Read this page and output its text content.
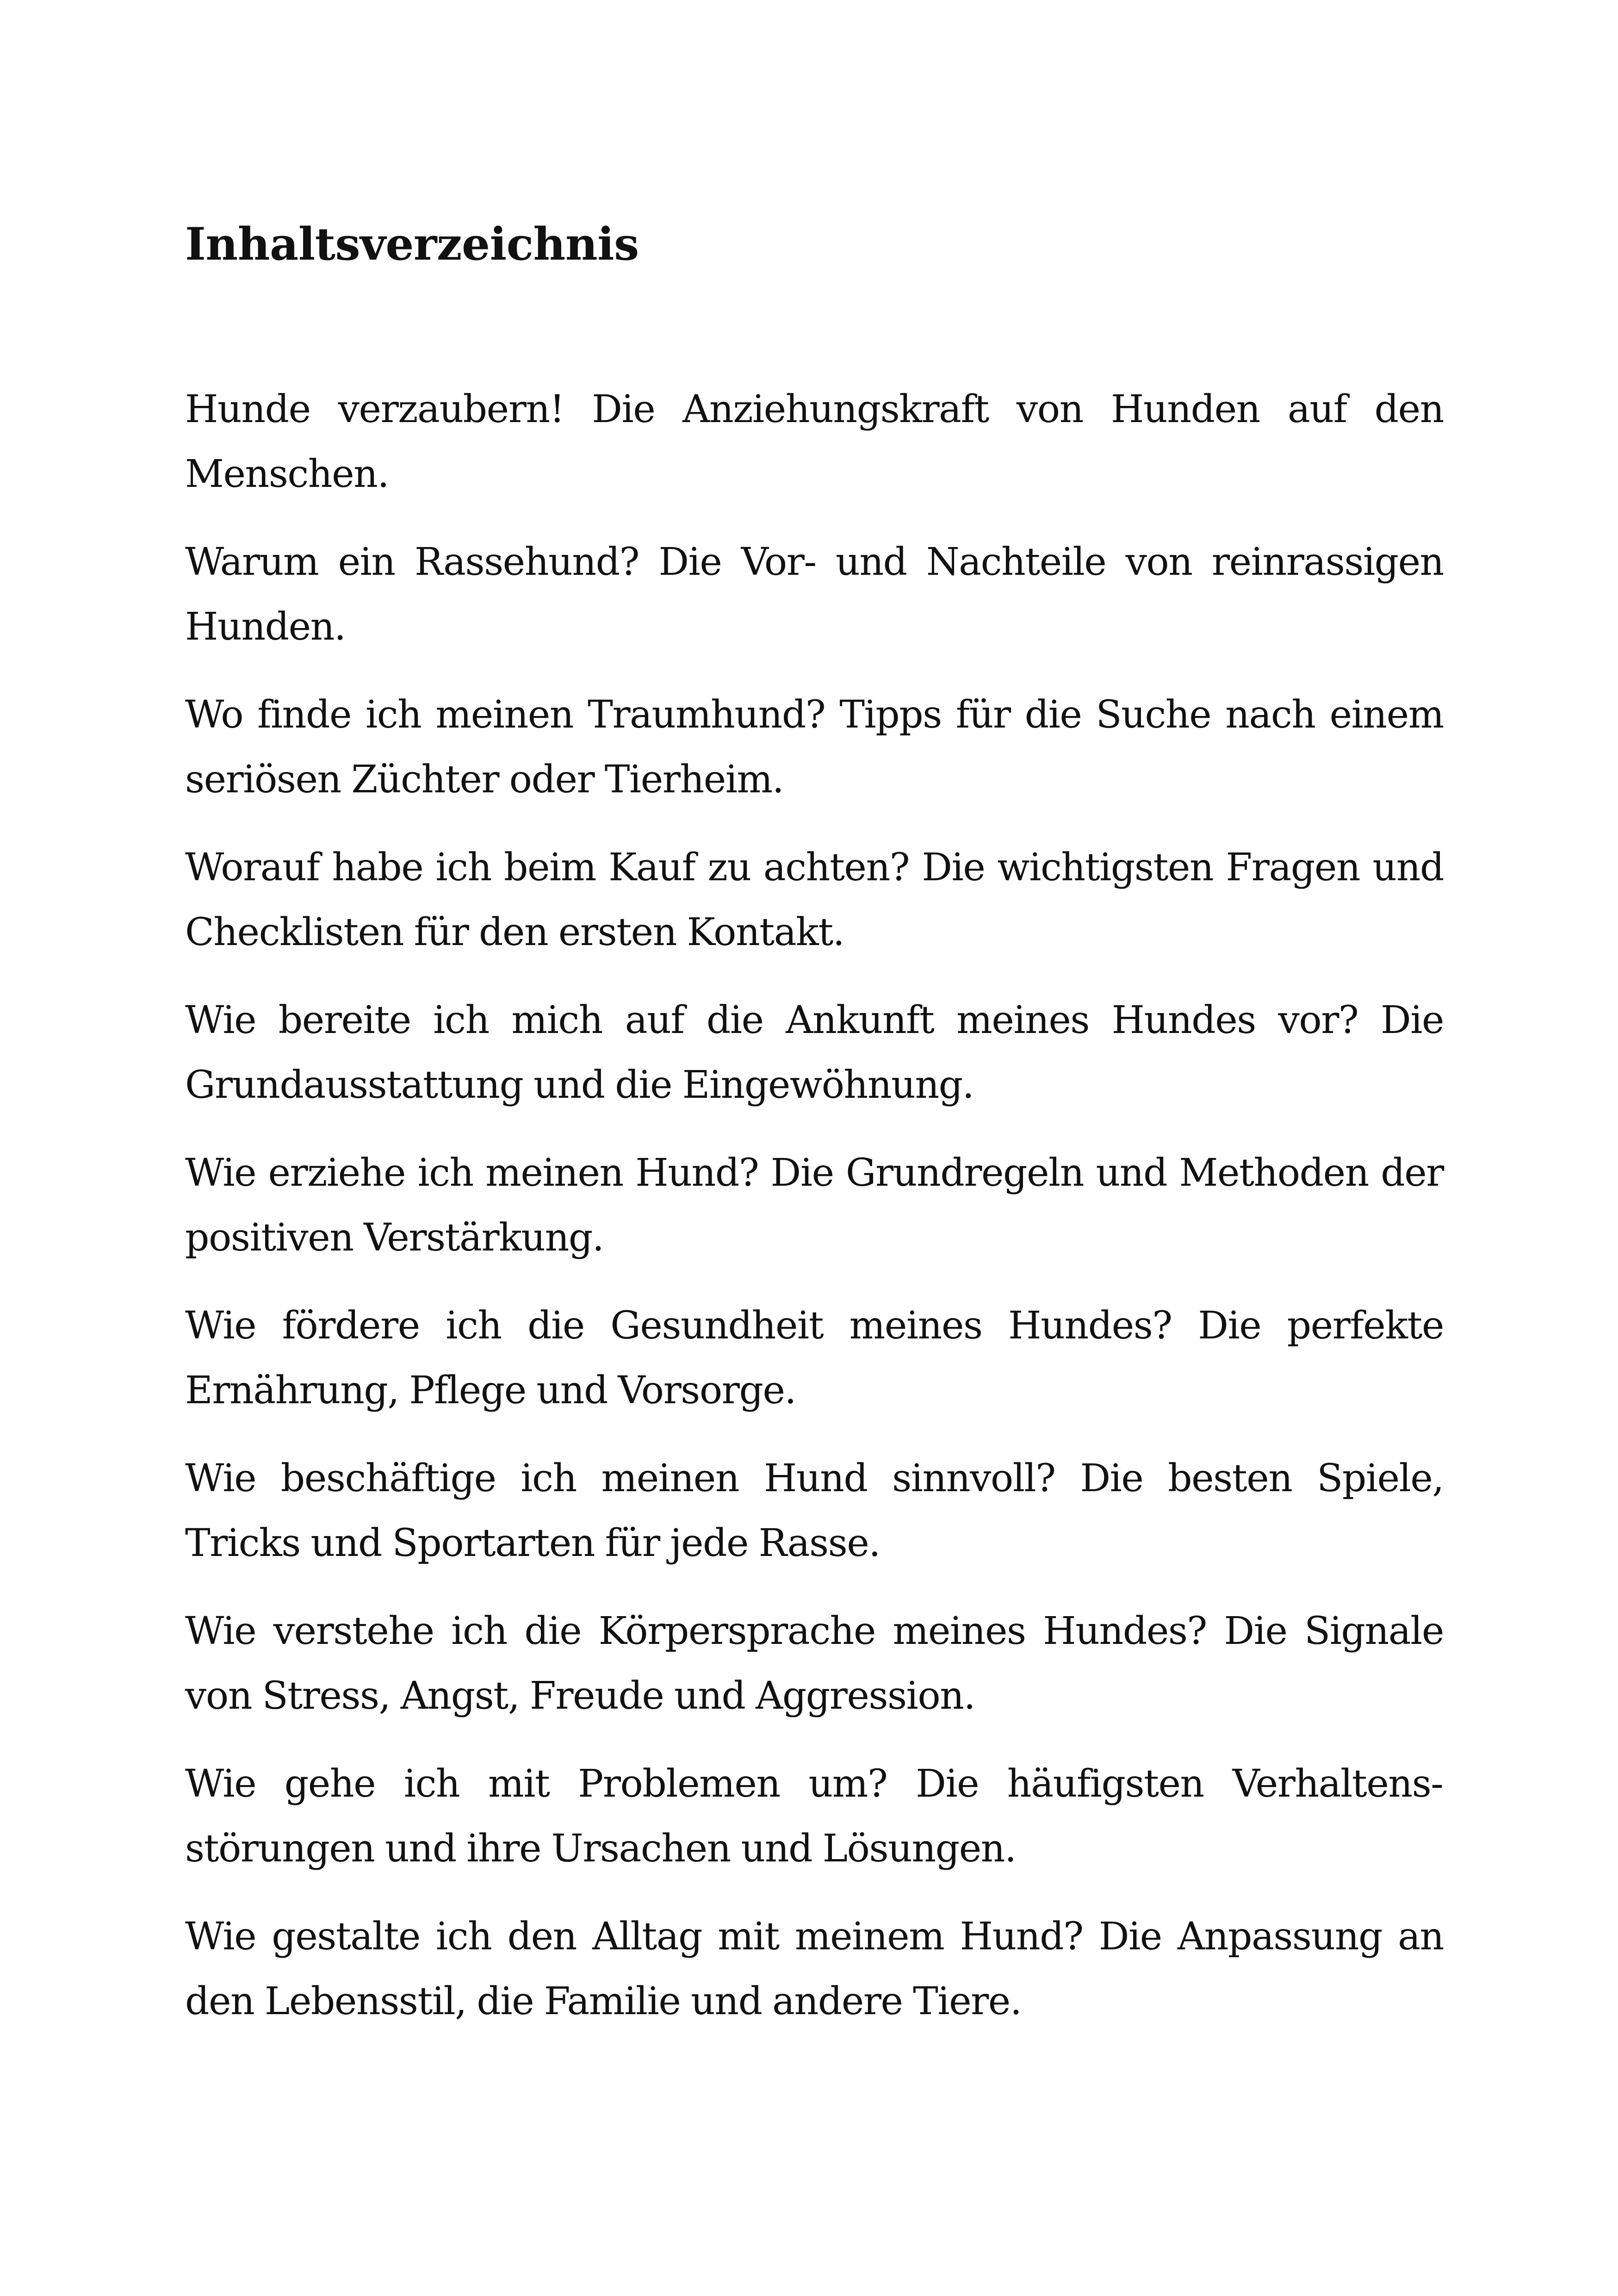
Inhaltsverzeichnis
Hunde verzaubern! Die Anziehungskraft von Hunden auf den Menschen.
Warum ein Rassehund? Die Vor- und Nachteile von reinrassigen Hunden.
Wo finde ich meinen Traumhund? Tipps für die Suche nach einem seriösen Züchter oder Tierheim.
Worauf habe ich beim Kauf zu achten? Die wichtigsten Fragen und Checklisten für den ersten Kontakt.
Wie bereite ich mich auf die Ankunft meines Hundes vor? Die Grundausstattung und die Eingewöhnung.
Wie erziehe ich meinen Hund? Die Grundregeln und Methoden der positiven Verstärkung.
Wie fördere ich die Gesundheit meines Hundes? Die perfekte Ernährung, Pflege und Vorsorge.
Wie beschäftige ich meinen Hund sinnvoll? Die besten Spiele, Tricks und Sportarten für jede Rasse.
Wie verstehe ich die Körpersprache meines Hundes? Die Signale von Stress, Angst, Freude und Aggression.
Wie gehe ich mit Problemen um? Die häufigsten Verhaltensstörungen und ihre Ursachen und Lösungen.
Wie gestalte ich den Alltag mit meinem Hund? Die Anpassung an den Lebensstil, die Familie und andere Tiere.
